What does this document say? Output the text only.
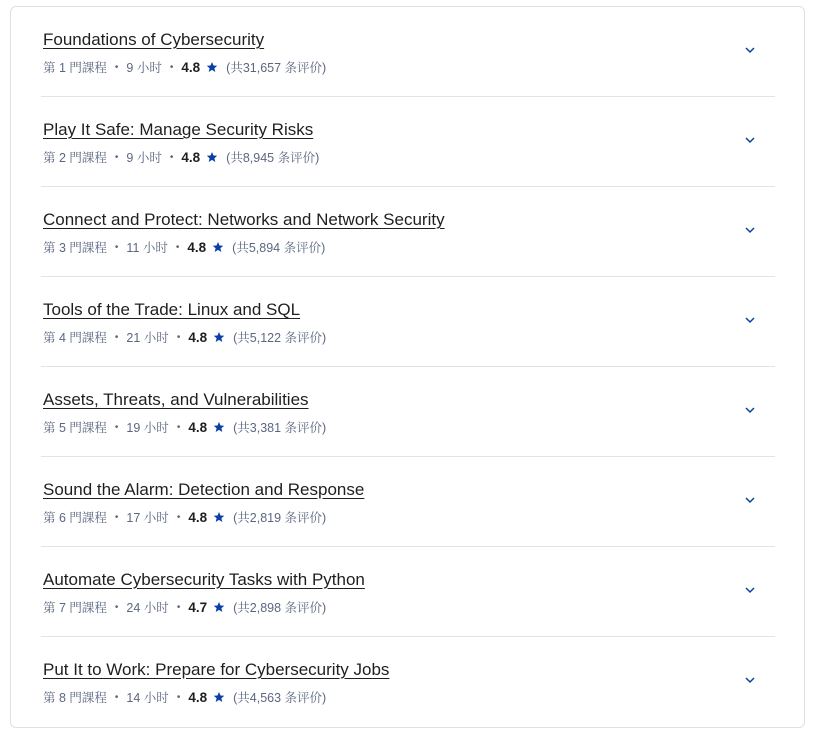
Foundations of Cybersecurity
第 1 門課程 • 9 小时 • 4.8 (共31,657 条评价)
Play It Safe: Manage Security Risks
第 2 門課程 • 9 小时 • 4.8 (共8,945 条评价)
Connect and Protect: Networks and Network Security
第 3 門課程 • 11 小时 • 4.8 (共5,894 条评价)
Tools of the Trade: Linux and SQL
第 4 門課程 • 21 小时 • 4.8 (共5,122 条评价)
Assets, Threats, and Vulnerabilities
第 5 門課程 • 19 小时 • 4.8 (共3,381 条评价)
Sound the Alarm: Detection and Response
第 6 門課程 • 17 小时 • 4.8 (共2,819 条评价)
Automate Cybersecurity Tasks with Python
第 7 門課程 • 24 小时 • 4.7 (共2,898 条评价)
Put It to Work: Prepare for Cybersecurity Jobs
第 8 門課程 • 14 小时 • 4.8 (共4,563 条评价)
